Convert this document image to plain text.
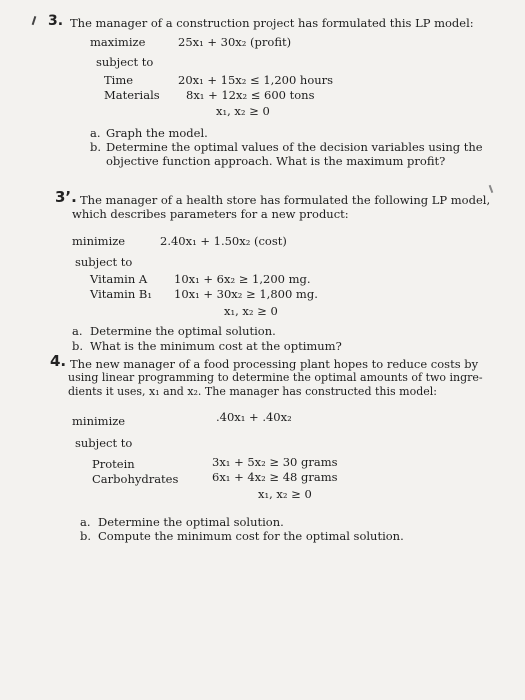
3. The manager of a construction project has formulated this LP model:
maximize	25x₁ + 30x₂ (profit)
subject to
Time	20x₁ + 15x₂ ≤ 1,200 hours
Materials 8x₁ + 12x₂ ≤ 600 tons
x₁, x₂ ≥ 0
a. Graph the model.
b. Determine the optimal values of the decision variables using the
objective function approach. What is the maximum profit?
3’. The manager of a health store has formulated the following LP model,
which describes parameters for a new product:
minimize	2.40x₁ + 1.50x₂ (cost)
subject to
Vitamin A 10x₁ + 6x₂ ≥ 1,200 mg.
Vitamin B₁ 10x₁ + 30x₂ ≥ 1,800 mg.
x₁, x₂ ≥ 0
a. Determine the optimal solution.
b. What is the minimum cost at the optimum?
4. The new manager of a food processing plant hopes to reduce costs by
using linear programming to determine the optimal amounts of two ingre-
dients it uses, x₁ and x₂. The manager has constructed this model:
minimize	.40x₁ + .40x₂
subject to
Protein	3x₁ + 5x₂ ≥ 30 grams
Carbohydrates	6x₁ + 4x₂ ≥ 48 grams
x₁, x₂ ≥ 0
a. Determine the optimal solution.
b. Compute the minimum cost for the optimal solution.
